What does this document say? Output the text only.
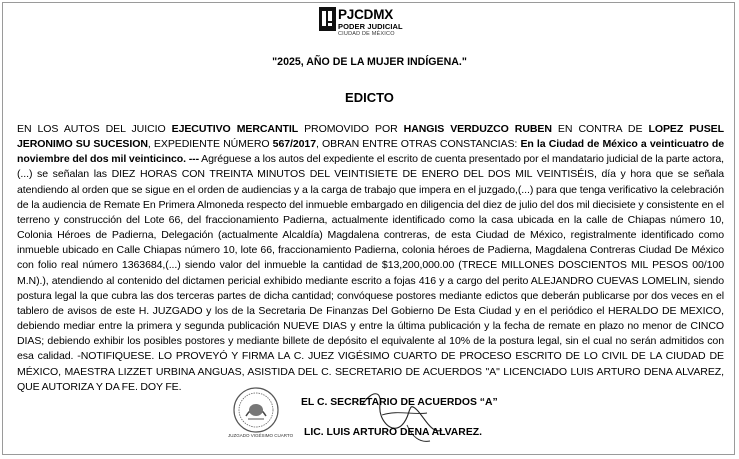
PJCDMX
PODER JUDICIAL
CIUDAD DE MÉXICO
"2025, AÑO DE LA MUJER INDÍGENA."
EDICTO
EN LOS AUTOS DEL JUICIO EJECUTIVO MERCANTIL PROMOVIDO POR HANGIS VERDUZCO RUBEN EN CONTRA DE LOPEZ PUSEL JERONIMO SU SUCESION, EXPEDIENTE NÚMERO 567/2017, OBRAN ENTRE OTRAS CONSTANCIAS: En la Ciudad de México a veinticuatro de noviembre del dos mil veinticinco. --- Agréguese a los autos del expediente el escrito de cuenta presentado por el mandatario judicial de la parte actora, (...) se señalan las DIEZ HORAS CON TREINTA MINUTOS DEL VEINTISIETE DE ENERO DEL DOS MIL VEINTISÉIS, día y hora que se señala atendiendo al orden que se sigue en el orden de audiencias y a la carga de trabajo que impera en el juzgado,(...) para que tenga verificativo la celebración de la audiencia de Remate En Primera Almoneda respecto del inmueble embargado en diligencia del diez de julio del dos mil diecisiete y consistente en el terreno y construcción del Lote 66, del fraccionamiento Padierna, actualmente identificado como la casa ubicada en la calle de Chiapas número 10, Colonia Héroes de Padierna, Delegación (actualmente Alcaldía) Magdalena contreras, de esta Ciudad de México, registralmente identificado como inmueble ubicado en Calle Chiapas número 10, lote 66, fraccionamiento Padierna, colonia héroes de Padierna, Magdalena Contreras Ciudad De México con folio real número 1363684,(...) siendo valor del inmueble la cantidad de $13,200,000.00 (TRECE MILLONES DOSCIENTOS MIL PESOS 00/100 M.N).), atendiendo al contenido del dictamen pericial exhibido mediante escrito a fojas 416 y a cargo del perito ALEJANDRO CUEVAS LOMELIN, siendo postura legal la que cubra las dos terceras partes de dicha cantidad; convóquese postores mediante edictos que deberán publicarse por dos veces en el tablero de avisos de este H. JUZGADO y los de la Secretaria De Finanzas Del Gobierno De Esta Ciudad y en el periódico el HERALDO DE MEXICO, debiendo mediar entre la primera y segunda publicación NUEVE DIAS y entre la última publicación y la fecha de remate en plazo no menor de CINCO DIAS; debiendo exhibir los posibles postores y mediante billete de depósito el equivalente al 10% de la postura legal, sin el cual no serán admitidos con esa calidad. -NOTIFIQUESE. LO PROVEYÓ Y FIRMA LA C. JUEZ VIGÉSIMO CUARTO DE PROCESO ESCRITO DE LO CIVIL DE LA CIUDAD DE MÉXICO, MAESTRA LIZZET URBINA ANGUAS, ASISTIDA DEL C. SECRETARIO DE ACUERDOS "A" LICENCIADO LUIS ARTURO DENA ALVAREZ, QUE AUTORIZA Y DA FE. DOY FE.
JUZGADO VIGÉSIMO CUARTO
EL C. SECRETARIO DE ACUERDOS “A”
LIC. LUIS ARTURO DENA ALVAREZ.
